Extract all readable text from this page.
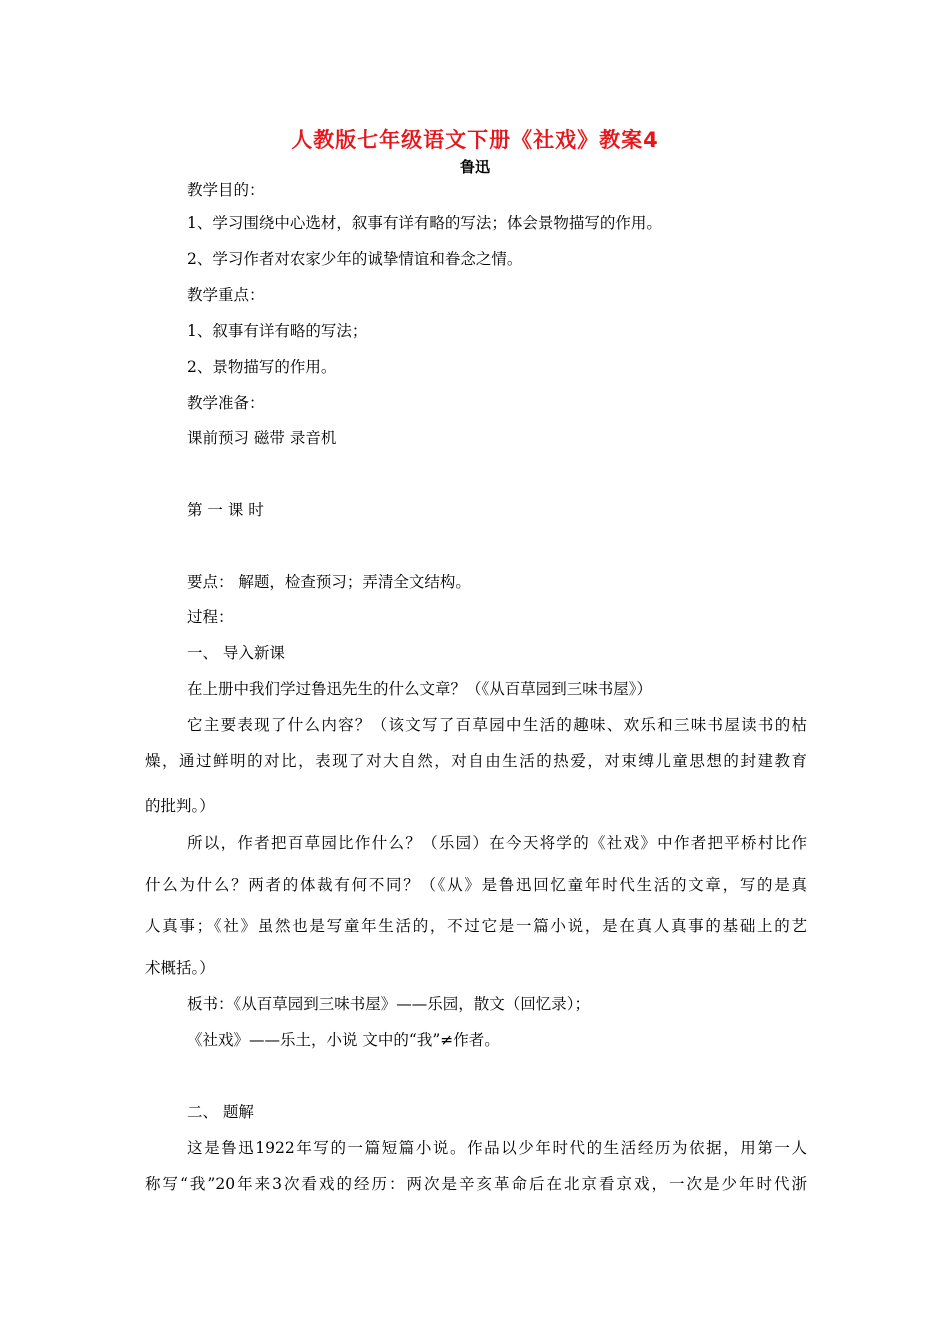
人教版七年级语文下册《社戏》教案4
鲁迅
教学目的：
1、学习围绕中心选材，叙事有详有略的写法；体会景物描写的作用。
2、学习作者对农家少年的诚挚情谊和眷念之情。
教学重点：
1、叙事有详有略的写法；
2、景物描写的作用。
教学准备：
课前预习 磁带 录音机
第 一 课 时
要点： 解题，检查预习；弄清全文结构。
过程：
一、 导入新课
在上册中我们学过鲁迅先生的什么文章？（《从百草园到三味书屋》）
它主要表现了什么内容？（该文写了百草园中生活的趣味、欢乐和三味书屋读书的枯
燥，通过鲜明的对比，表现了对大自然，对自由生活的热爱，对束缚儿童思想的封建教育
的批判。）
所以，作者把百草园比作什么？（乐园）在今天将学的《社戏》中作者把平桥村比作
什么为什么？两者的体裁有何不同？（《从》是鲁迅回忆童年时代生活的文章，写的是真
人真事；《社》虽然也是写童年生活的，不过它是一篇小说，是在真人真事的基础上的艺
术概括。）
板书：《从百草园到三味书屋》——乐园，散文（回忆录）；
《社戏》——乐土，小说 文中的“我”≠作者。
二、 题解
这是鲁迅1922年写的一篇短篇小说。作品以少年时代的生活经历为依据，用第一人
称写“我”20年来3次看戏的经历：两次是辛亥革命后在北京看京戏，一次是少年时代浙
